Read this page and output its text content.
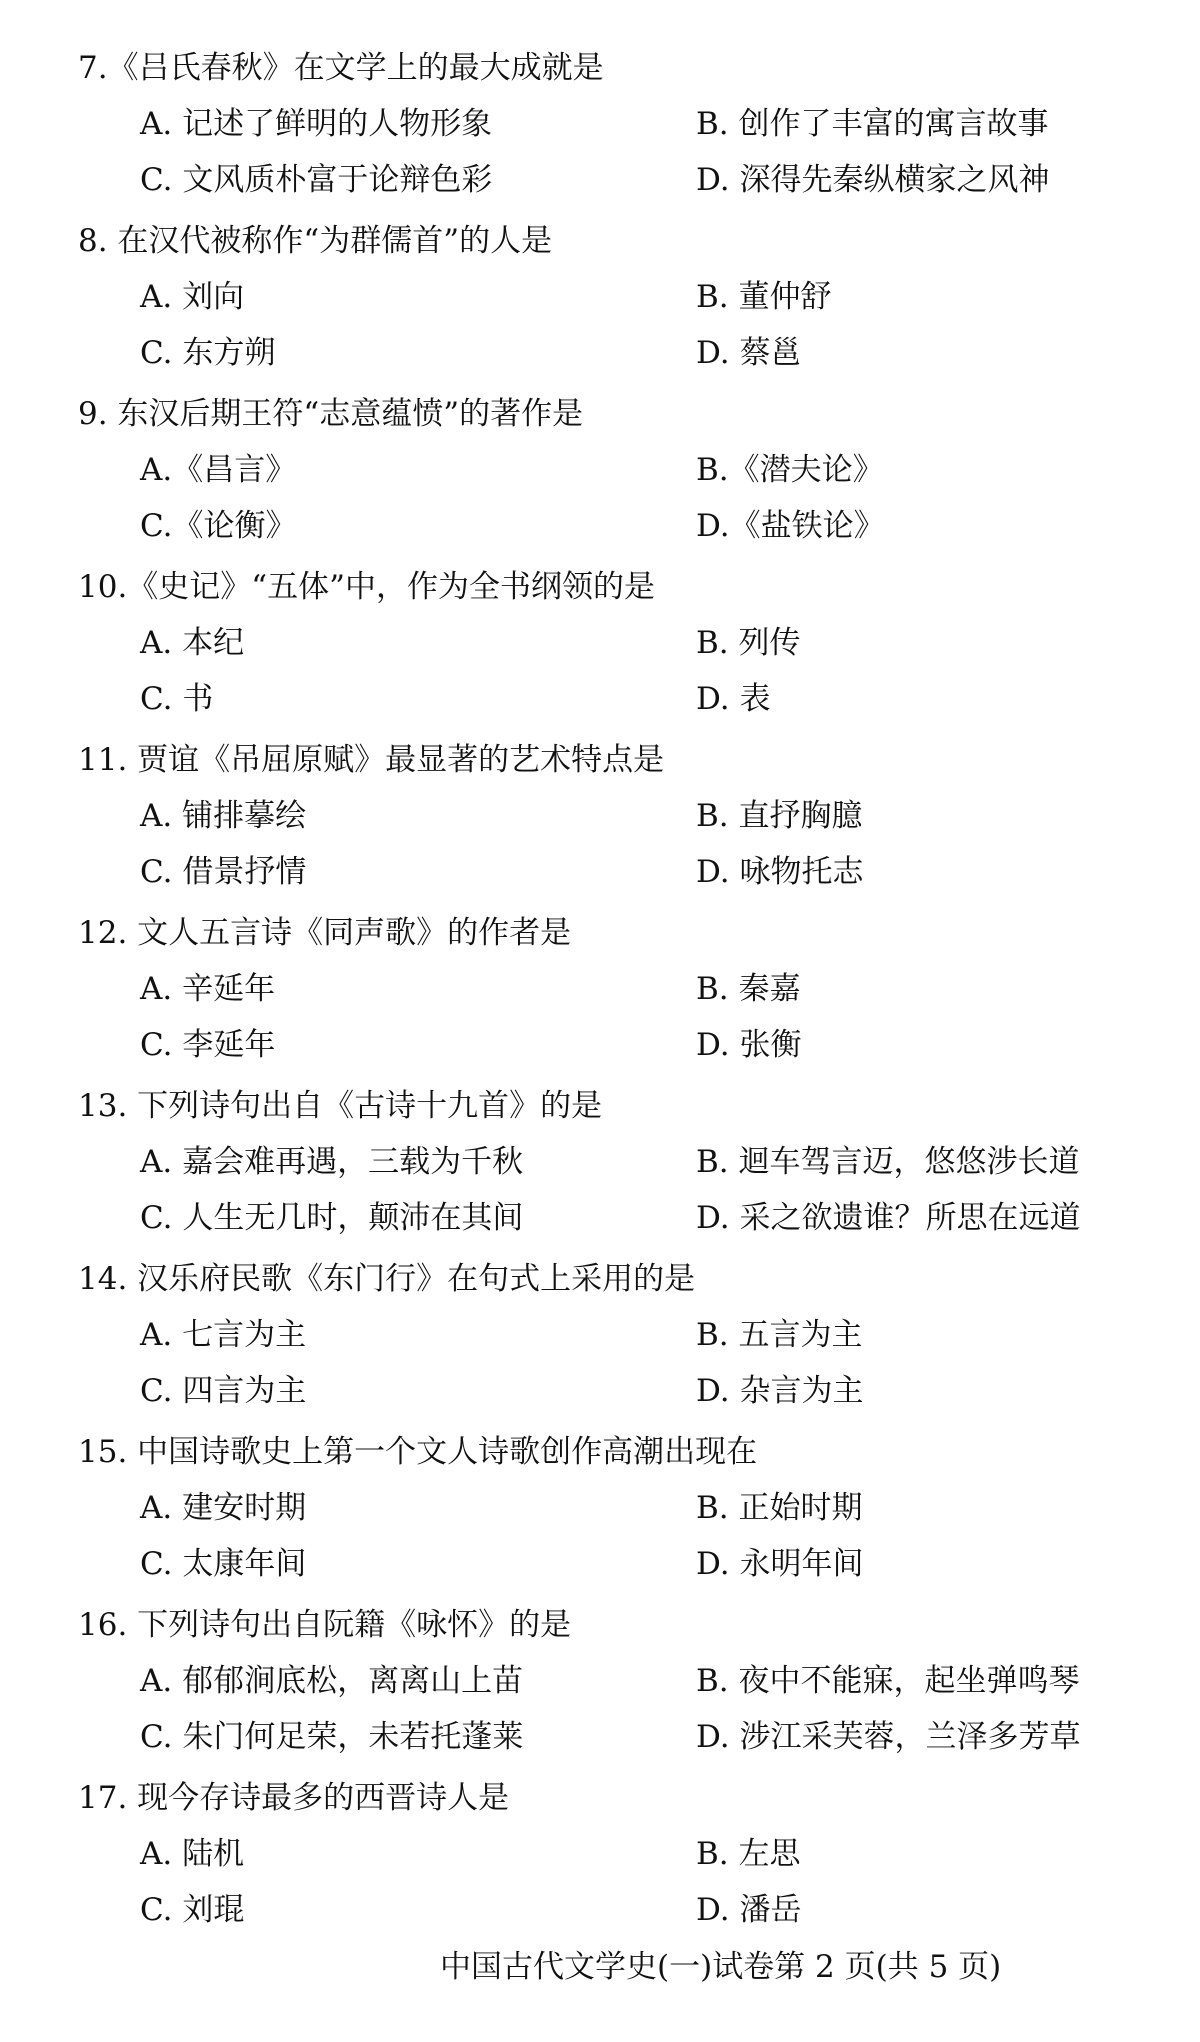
7.《吕氏春秋》在文学上的最大成就是
A. 记述了鲜明的人物形象	B. 创作了丰富的寓言故事
C. 文风质朴富于论辩色彩	D. 深得先秦纵横家之风神
8. 在汉代被称作“为群儒首”的人是
A. 刘向	B. 董仲舒
C. 东方朔	D. 蔡邕
9. 东汉后期王符“志意蕴愤”的著作是
A.《昌言》	B.《潜夫论》
C.《论衡》	D.《盐铁论》
10.《史记》“五体”中，作为全书纲领的是
A. 本纪	B. 列传
C. 书	D. 表
11. 贾谊《吊屈原赋》最显著的艺术特点是
A. 铺排摹绘	B. 直抒胸臆
C. 借景抒情	D. 咏物托志
12. 文人五言诗《同声歌》的作者是
A. 辛延年	B. 秦嘉
C. 李延年	D. 张衡
13. 下列诗句出自《古诗十九首》的是
A. 嘉会难再遇，三载为千秋	B. 迴车驾言迈，悠悠涉长道
C. 人生无几时，颠沛在其间	D. 采之欲遗谁？所思在远道
14. 汉乐府民歌《东门行》在句式上采用的是
A. 七言为主	B. 五言为主
C. 四言为主	D. 杂言为主
15. 中国诗歌史上第一个文人诗歌创作高潮出现在
A. 建安时期	B. 正始时期
C. 太康年间	D. 永明年间
16. 下列诗句出自阮籍《咏怀》的是
A. 郁郁涧底松，离离山上苗	B. 夜中不能寐，起坐弹鸣琴
C. 朱门何足荣，未若托蓬莱	D. 涉江采芙蓉，兰泽多芳草
17. 现今存诗最多的西晋诗人是
A. 陆机	B. 左思
C. 刘琨	D. 潘岳
中国古代文学史(一)试卷第 2 页(共 5 页)
